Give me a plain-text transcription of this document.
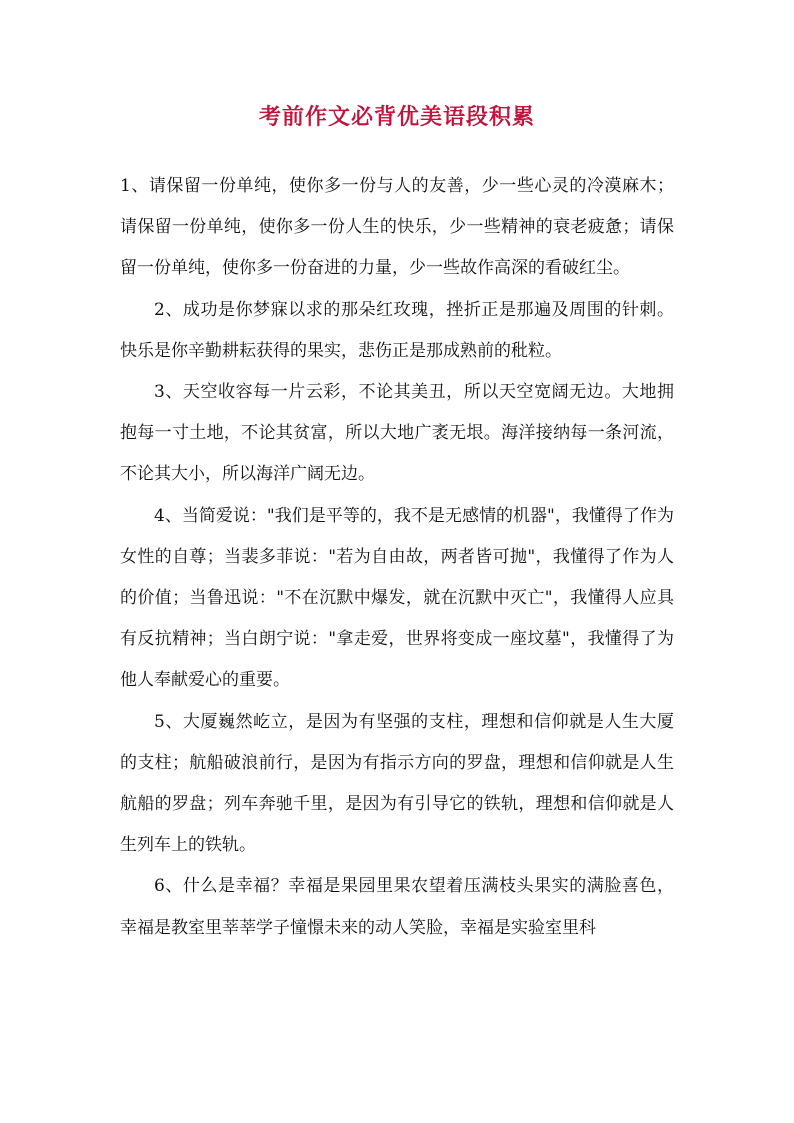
考前作文必背优美语段积累

1、请保留一份单纯，使你多一份与人的友善，少一些心灵的冷漠麻木；请保留一份单纯，使你多一份人生的快乐，少一些精神的衰老疲惫；请保留一份单纯，使你多一份奋进的力量，少一些故作高深的看破红尘。

2、成功是你梦寐以求的那朵红玫瑰，挫折正是那遍及周围的针刺。快乐是你辛勤耕耘获得的果实，悲伤正是那成熟前的秕粒。

3、天空收容每一片云彩，不论其美丑，所以天空宽阔无边。大地拥抱每一寸土地，不论其贫富，所以大地广袤无垠。海洋接纳每一条河流，不论其大小，所以海洋广阔无边。

4、当简爱说："我们是平等的，我不是无感情的机器"，我懂得了作为女性的自尊；当裴多菲说："若为自由故，两者皆可抛"，我懂得了作为人的价值；当鲁迅说："不在沉默中爆发，就在沉默中灭亡"，我懂得人应具有反抗精神；当白朗宁说："拿走爱，世界将变成一座坟墓"，我懂得了为他人奉献爱心的重要。

5、大厦巍然屹立，是因为有坚强的支柱，理想和信仰就是人生大厦的支柱；航船破浪前行，是因为有指示方向的罗盘，理想和信仰就是人生航船的罗盘；列车奔驰千里，是因为有引导它的铁轨，理想和信仰就是人生列车上的铁轨。

6、什么是幸福？幸福是果园里果农望着压满枝头果实的满脸喜色，幸福是教室里莘莘学子憧憬未来的动人笑脸，幸福是实验室里科
